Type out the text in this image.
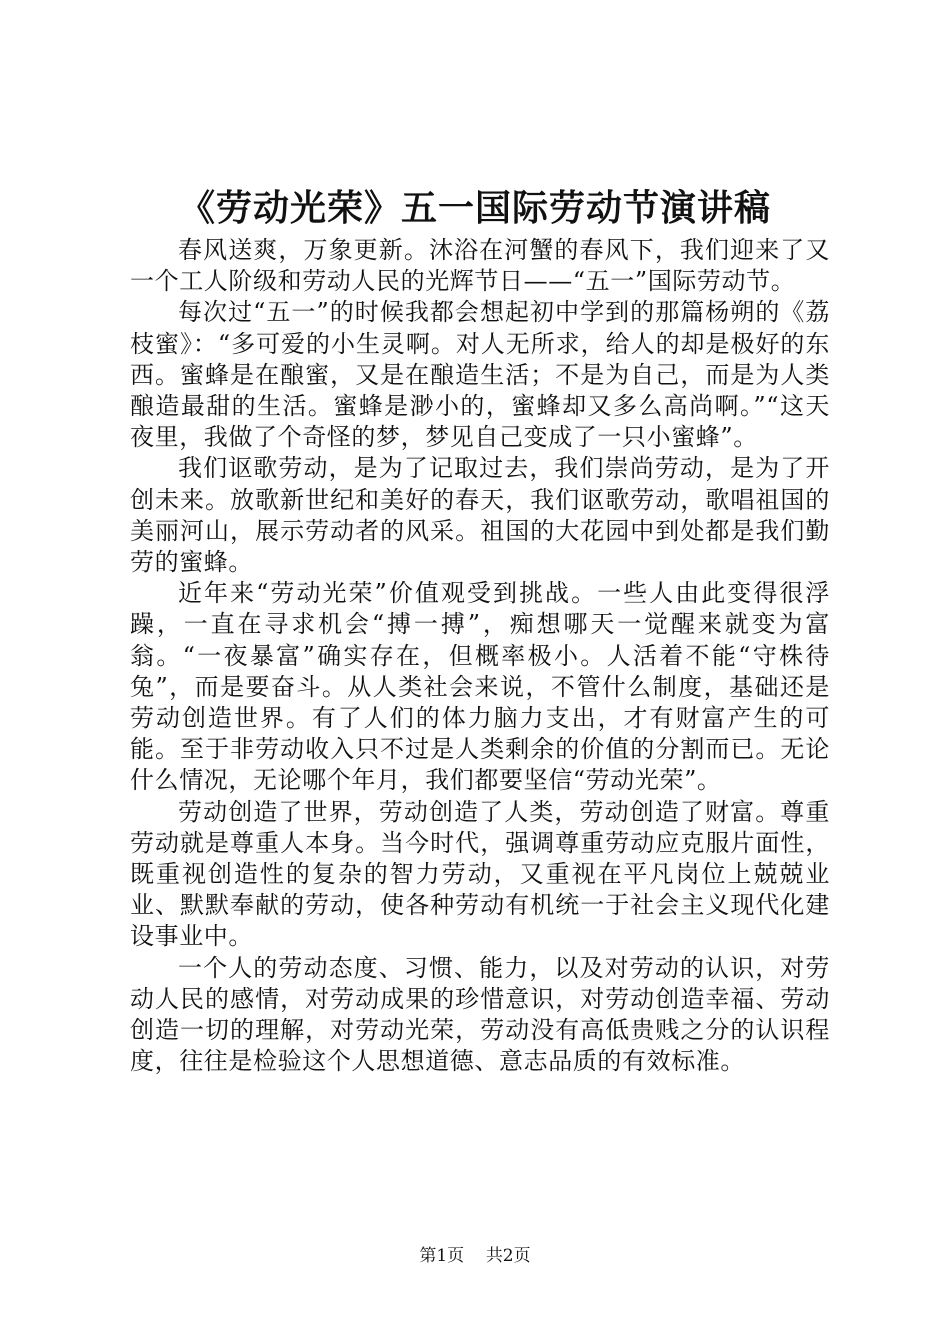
《劳动光荣》五一国际劳动节演讲稿

春风送爽，万象更新。沐浴在河蟹的春风下，我们迎来了又一个工人阶级和劳动人民的光辉节日——“五一”国际劳动节。

每次过“五一”的时候我都会想起初中学到的那篇杨朔的《荔枝蜜》：“多可爱的小生灵啊。对人无所求，给人的却是极好的东西。蜜蜂是在酿蜜，又是在酿造生活；不是为自己，而是为人类酿造最甜的生活。蜜蜂是渺小的，蜜蜂却又多么高尚啊。”“这天夜里，我做了个奇怪的梦，梦见自己变成了一只小蜜蜂”。

我们讴歌劳动，是为了记取过去，我们崇尚劳动，是为了开创未来。放歌新世纪和美好的春天，我们讴歌劳动，歌唱祖国的美丽河山，展示劳动者的风采。祖国的大花园中到处都是我们勤劳的蜜蜂。

近年来“劳动光荣”价值观受到挑战。一些人由此变得很浮躁，一直在寻求机会“搏一搏”，痴想哪天一觉醒来就变为富翁。“一夜暴富”确实存在，但概率极小。人活着不能“守株待兔”，而是要奋斗。从人类社会来说，不管什么制度，基础还是劳动创造世界。有了人们的体力脑力支出，才有财富产生的可能。至于非劳动收入只不过是人类剩余的价值的分割而已。无论什么情况，无论哪个年月，我们都要坚信“劳动光荣”。

劳动创造了世界，劳动创造了人类，劳动创造了财富。尊重劳动就是尊重人本身。当今时代，强调尊重劳动应克服片面性，既重视创造性的复杂的智力劳动，又重视在平凡岗位上兢兢业业、默默奉献的劳动，使各种劳动有机统一于社会主义现代化建设事业中。

一个人的劳动态度、习惯、能力，以及对劳动的认识，对劳动人民的感情，对劳动成果的珍惜意识，对劳动创造幸福、劳动创造一切的理解，对劳动光荣，劳动没有高低贵贱之分的认识程度，往往是检验这个人思想道德、意志品质的有效标准。

第1页 共2页
